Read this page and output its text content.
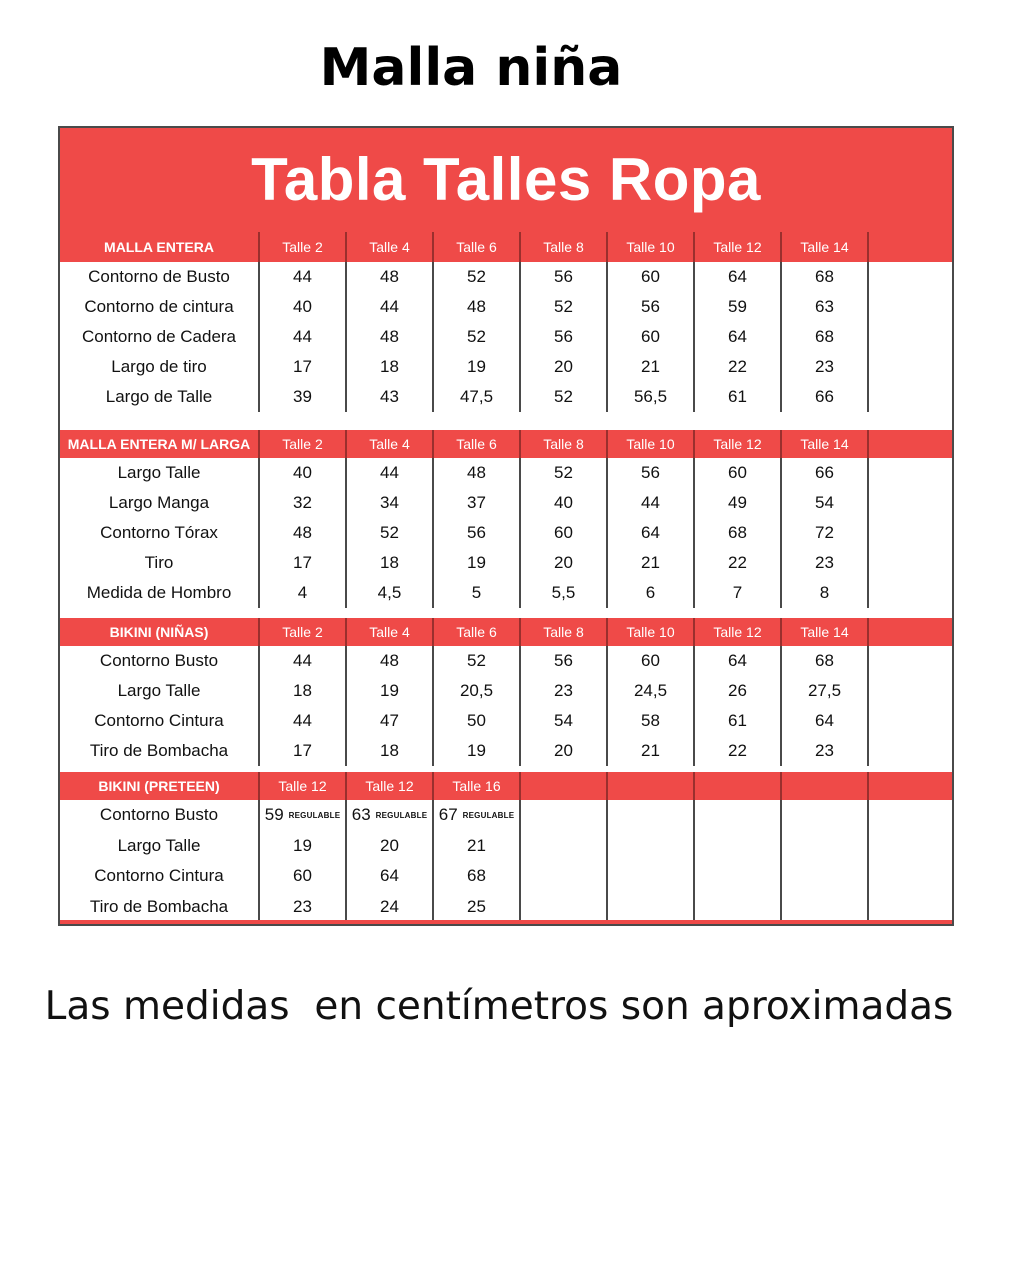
Malla niña
Tabla Talles Ropa
MALLA ENTERA	Talle 2	Talle 4	Talle 6	Talle 8	Talle 10	Talle 12	Talle 14
Contorno de Busto	44	48	52	56	60	64	68
Contorno de cintura	40	44	48	52	56	59	63
Contorno de Cadera	44	48	52	56	60	64	68
Largo de tiro	17	18	19	20	21	22	23
Largo de Talle	39	43	47,5	52	56,5	61	66
MALLA ENTERA M/ LARGA	Talle 2	Talle 4	Talle 6	Talle 8	Talle 10	Talle 12	Talle 14
Largo Talle	40	44	48	52	56	60	66
Largo Manga	32	34	37	40	44	49	54
Contorno Tórax	48	52	56	60	64	68	72
Tiro	17	18	19	20	21	22	23
Medida de Hombro	4	4,5	5	5,5	6	7	8
BIKINI (NIÑAS)	Talle 2	Talle 4	Talle 6	Talle 8	Talle 10	Talle 12	Talle 14
Contorno Busto	44	48	52	56	60	64	68
Largo Talle	18	19	20,5	23	24,5	26	27,5
Contorno Cintura	44	47	50	54	58	61	64
Tiro de Bombacha	17	18	19	20	21	22	23
BIKINI (PRETEEN)	Talle 12	Talle 12	Talle 16
Contorno Busto	59 REGULABLE 63 REGULABLE 67 REGULABLE
Largo Talle	19	20	21
Contorno Cintura	60	64	68
Tiro de Bombacha	23	24	25
Las medidas  en centímetros son aproximadas
